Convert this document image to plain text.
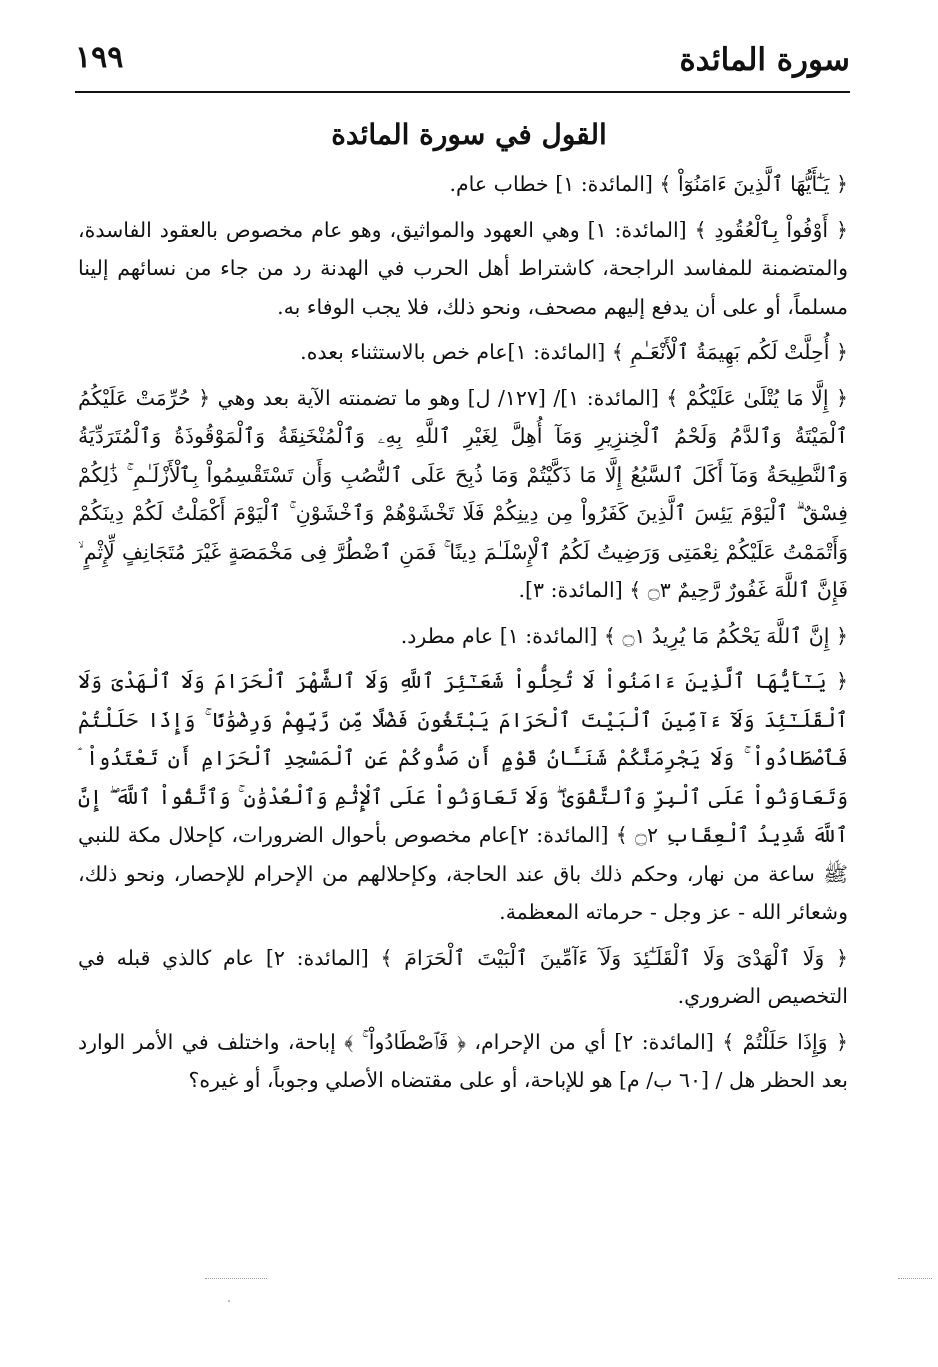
سورة المائدة
١٩٩
القول في سورة المائدة

﴿ يَـٰٓأَيُّهَا ٱلَّذِينَ ءَامَنُوٓاْ ﴾ [المائدة: ١] خطاب عام.

﴿ أَوْفُواْ بِٱلْعُقُودِ ﴾ [المائدة: ١] وهي العهود والمواثيق، وهو عام مخصوص بالعقود الفاسدة، والمتضمنة للمفاسد الراجحة، كاشتراط أهل الحرب في الهدنة رد من جاء من نسائهم إلينا مسلماً، أو على أن يدفع إليهم مصحف، ونحو ذلك، فلا يجب الوفاء به.

﴿ أُحِلَّتْ لَكُم بَهِيمَةُ ٱلْأَنْعَـٰمِ ﴾ [المائدة: ١]عام خص بالاستثناء بعده.

﴿ إِلَّا مَا يُتْلَىٰ عَلَيْكُمْ ﴾ [المائدة: ١]/ [١٢٧/ ل] وهو ما تضمنته الآية بعد وهي ﴿ حُرِّمَتْ عَلَيْكُمُ ٱلْمَيْتَةُ وَٱلدَّمُ وَلَحْمُ ٱلْخِنزِيرِ وَمَآ أُهِلَّ لِغَيْرِ ٱللَّهِ بِهِۦ وَٱلْمُنْخَنِقَةُ وَٱلْمَوْقُوذَةُ وَٱلْمُتَرَدِّيَةُ وَٱلنَّطِيحَةُ وَمَآ أَكَلَ ٱلسَّبُعُ إِلَّا مَا ذَكَّيْتُمْ وَمَا ذُبِحَ عَلَى ٱلنُّصُبِ وَأَن تَسْتَقْسِمُواْ بِٱلْأَزْلَـٰمِ ۚ ذَٰلِكُمْ فِسْقٌ ۗ ٱلْيَوْمَ يَئِسَ ٱلَّذِينَ كَفَرُواْ مِن دِينِكُمْ فَلَا تَخْشَوْهُمْ وَٱخْشَوْنِ ۚ ٱلْيَوْمَ أَكْمَلْتُ لَكُمْ دِينَكُمْ وَأَتْمَمْتُ عَلَيْكُمْ نِعْمَتِى وَرَضِيتُ لَكُمُ ٱلْإِسْلَـٰمَ دِينًا ۚ فَمَنِ ٱضْطُرَّ فِى مَخْمَصَةٍ غَيْرَ مُتَجَانِفٍ لِّإِثْمٍ ۙ فَإِنَّ ٱللَّهَ غَفُورٌ رَّحِيمٌ ۝٣ ﴾ [المائدة: ٣].

﴿ إِنَّ ٱللَّهَ يَحْكُمُ مَا يُرِيدُ ۝١ ﴾ [المائدة: ١] عام مطرد.

﴿ يَـٰٓأَيُّهَا ٱلَّذِينَ ءَامَنُواْ لَا تُحِلُّواْ شَعَـٰٓئِرَ ٱللَّهِ وَلَا ٱلشَّهْرَ ٱلْحَرَامَ وَلَا ٱلْهَدْىَ وَلَا ٱلْقَلَـٰٓئِدَ وَلَآ ءَآمِّينَ ٱلْبَيْتَ ٱلْحَرَامَ يَبْتَغُونَ فَضْلًا مِّن رَّبِّهِمْ وَرِضْوَٰنًا ۚ وَإِذَا حَلَلْتُمْ فَٱصْطَادُواْ ۚ وَلَا يَجْرِمَنَّكُمْ شَنَـَٔانُ قَوْمٍ أَن صَدُّوكُمْ عَنِ ٱلْمَسْجِدِ ٱلْحَرَامِ أَن تَعْتَدُواْ ۘ وَتَعَاوَنُواْ عَلَى ٱلْبِرِّ وَٱلتَّقْوَىٰ ۖ وَلَا تَعَاوَنُواْ عَلَى ٱلْإِثْمِ وَٱلْعُدْوَٰنِ ۚ وَٱتَّقُواْ ٱللَّهَ ۖ إِنَّ ٱللَّهَ شَدِيدُ ٱلْعِقَابِ ۝٢ ﴾ [المائدة: ٢]عام مخصوص بأحوال الضرورات، كإحلال مكة للنبي ﷺ ساعة من نهار، وحكم ذلك باق عند الحاجة، وكإحلالهم من الإحرام للإحصار، ونحو ذلك، وشعائر الله - عز وجل - حرماته المعظمة.

﴿ وَلَا ٱلْهَدْىَ وَلَا ٱلْقَلَـٰٓئِدَ وَلَآ ءَآمِّينَ ٱلْبَيْتَ ٱلْحَرَامَ ﴾ [المائدة: ٢] عام كالذي قبله في التخصيص الضروري.

﴿ وَإِذَا حَلَلْتُمْ ﴾ [المائدة: ٢] أي من الإحرام، ﴿ فَٱصْطَادُواْ ۚ ﴾ إباحة، واختلف في الأمر الوارد بعد الحظر هل / [٦٠ ب/ م] هو للإباحة، أو على مقتضاه الأصلي وجوباً، أو غيره؟
